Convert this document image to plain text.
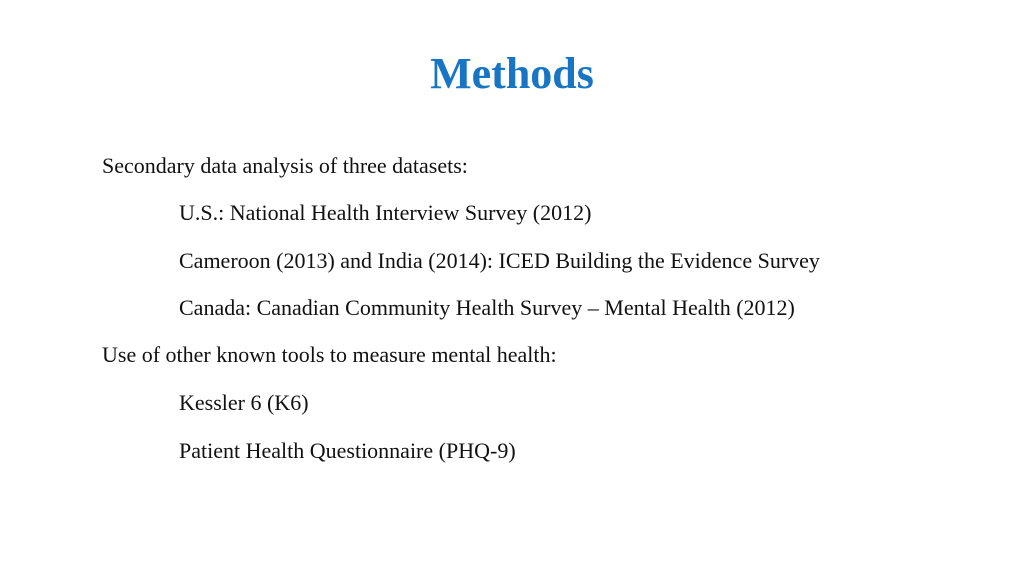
Methods
Secondary data analysis of three datasets:
U.S.: National Health Interview Survey (2012)
Cameroon (2013) and India (2014): ICED Building the Evidence Survey
Canada: Canadian Community Health Survey – Mental Health (2012)
Use of other known tools to measure mental health:
Kessler 6 (K6)
Patient Health Questionnaire (PHQ-9)
